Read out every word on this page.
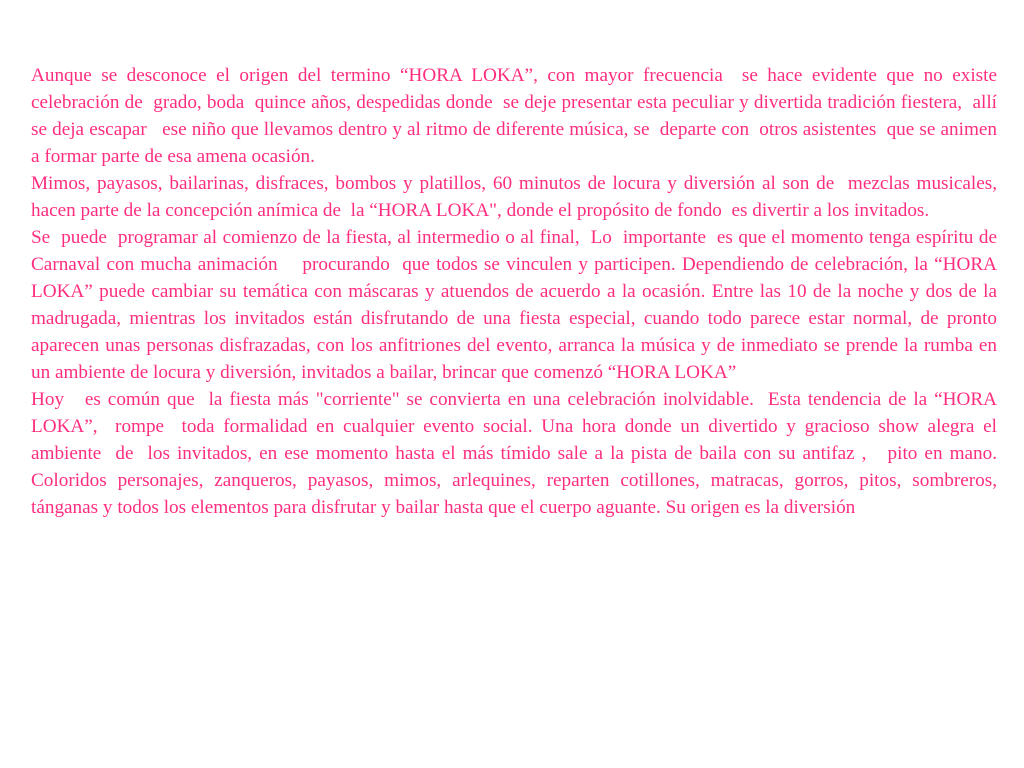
Aunque se desconoce el origen del termino “HORA LOKA”, con mayor frecuencia  se hace evidente que no existe celebración de  grado, boda  quince años, despedidas donde  se deje presentar esta peculiar y divertida tradición fiestera,  allí  se deja escapar   ese niño que llevamos dentro y al ritmo de diferente música, se  departe con  otros asistentes  que se animen a formar parte de esa amena ocasión.

Mimos, payasos, bailarinas, disfraces, bombos y platillos, 60 minutos de locura y diversión al son de  mezclas musicales, hacen parte de la concepción anímica de  la “HORA LOKA", donde el propósito de fondo  es divertir a los invitados.

Se  puede  programar al comienzo de la fiesta, al intermedio o al final,  Lo  importante  es que el momento tenga espíritu de Carnaval con mucha animación    procurando  que todos se vinculen y participen. Dependiendo de celebración, la “HORA LOKA” puede cambiar su temática con máscaras y atuendos de acuerdo a la ocasión. Entre las 10 de la noche y dos de la madrugada, mientras los invitados están disfrutando de una fiesta especial, cuando todo parece estar normal, de pronto aparecen unas personas disfrazadas, con los anfitriones del evento, arranca la música y de inmediato se prende la rumba en un ambiente de locura y diversión, invitados a bailar, brincar que comenzó “HORA LOKA”

Hoy   es común que  la fiesta más "corriente" se convierta en una celebración inolvidable.  Esta tendencia de la “HORA LOKA”,  rompe  toda formalidad en cualquier evento social. Una hora donde un divertido y gracioso show alegra el ambiente  de  los invitados, en ese momento hasta el más tímido sale a la pista de baila con su antifaz ,   pito en mano. Coloridos personajes, zanqueros, payasos, mimos, arlequines, reparten cotillones, matracas, gorros, pitos, sombreros, tánganas y todos los elementos para disfrutar y bailar hasta que el cuerpo aguante. Su origen es la diversión
